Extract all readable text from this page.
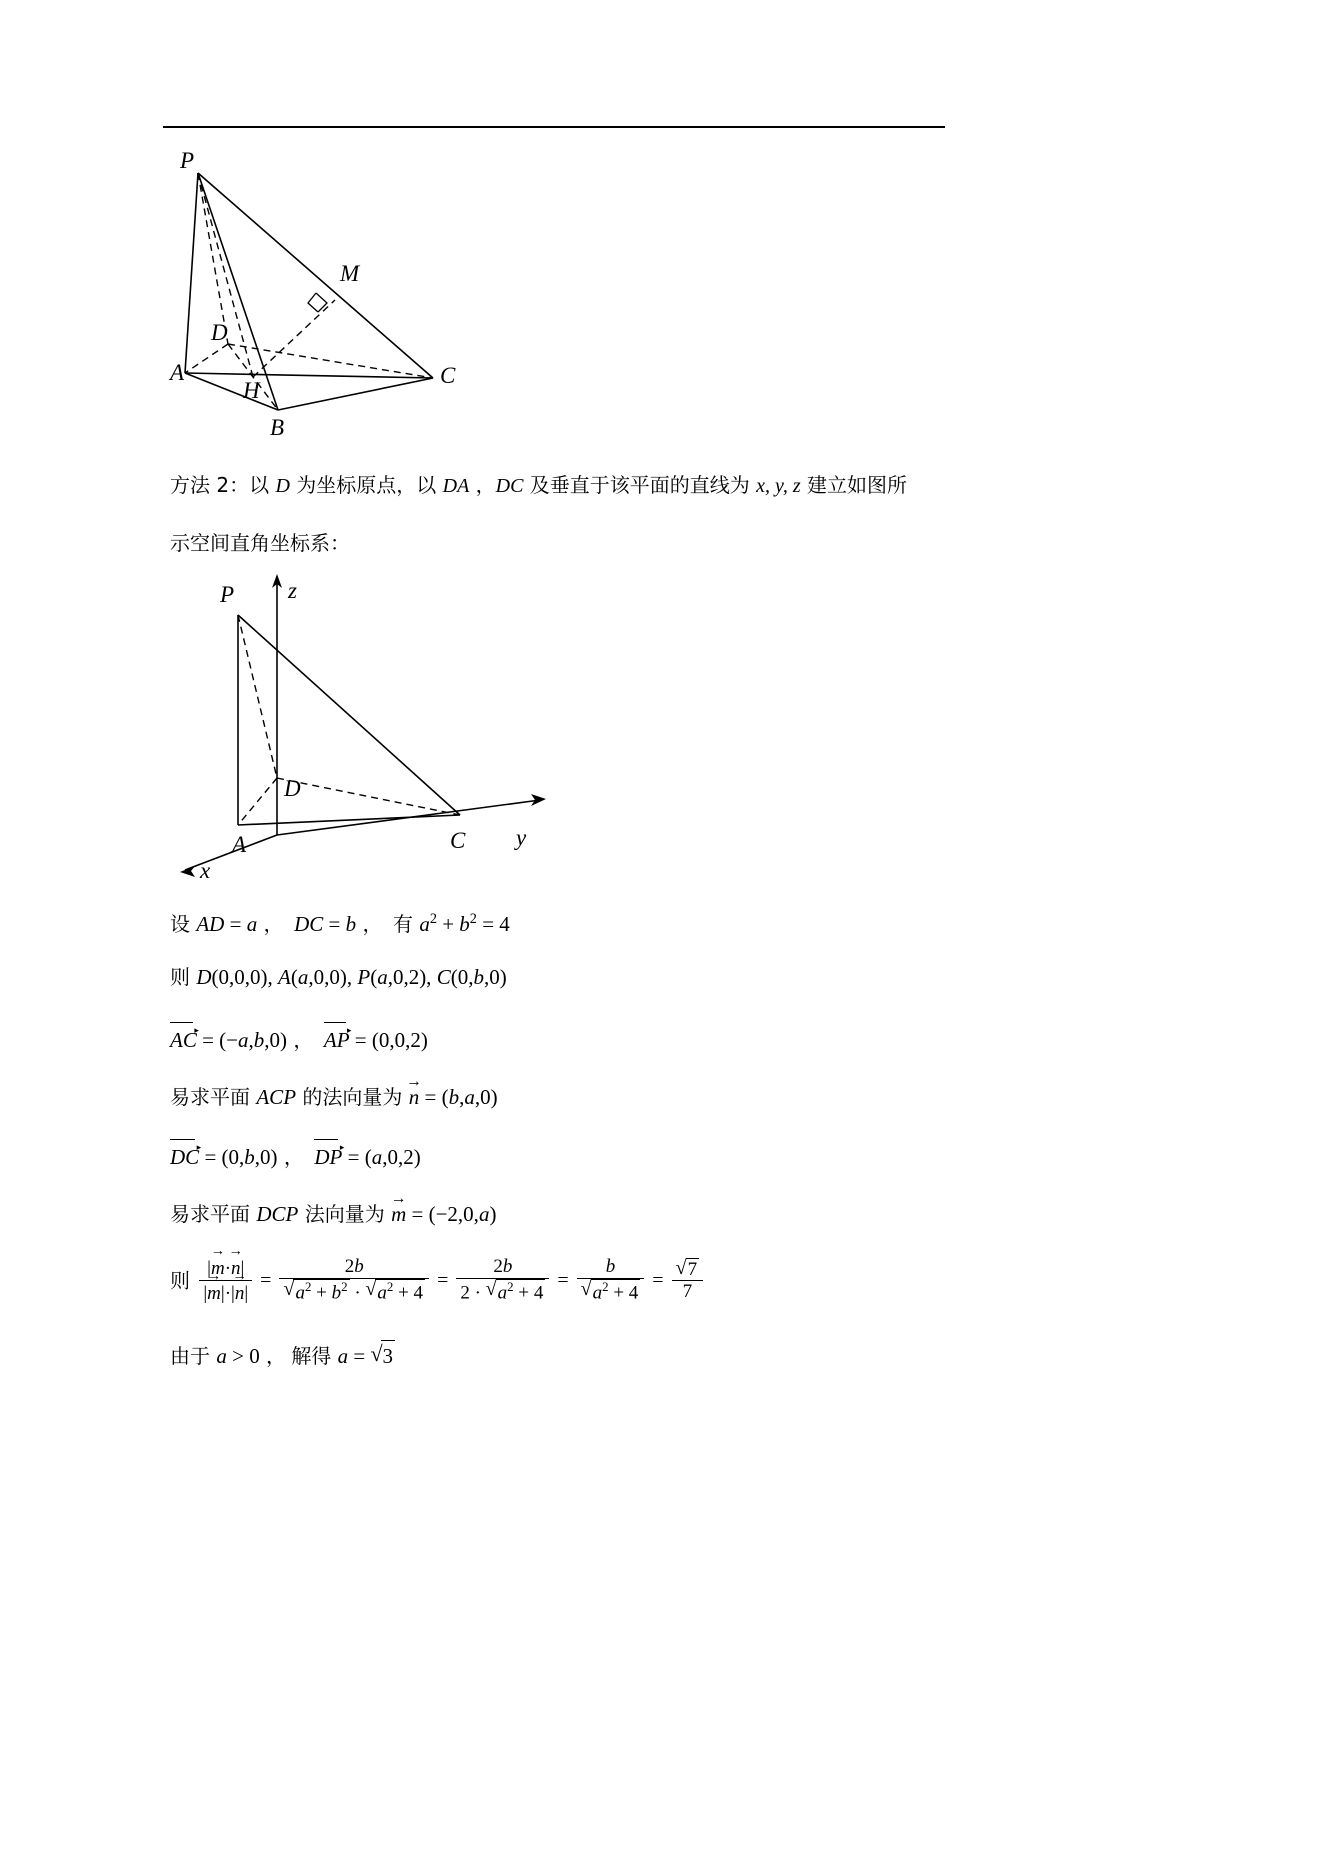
P
M
D
A
H
C
B
方法 2：以 D 为坐标原点，以 DA ，DC 及垂直于该平面的直线为 x, y, z 建立如图所
示空间直角坐标系：
P z
D
A	C y
x
设 AD = a ， DC = b ， 有 $a^2 + b^2 = 4$
则 D(0,0,0), A(a,0,0), P(a,0,2), C(0,b,0)
AC ▸ = (−a,b,0) ， AP ▸ = (0,0,2)
易求平面 ACP 的法向量为 n → = (b,a,0)
DC ▸ = (0,b,0) ， DP ▸ = (a,0,2)
易求平面 DCP 法向量为 m → = (−2,0,a)
则 $\frac{|m \to\cdot n \to|}{|m \to|\cdot|n \to|} = 2b$
√ $a^2 + b^2$ · √ $a^2 + 4 = \frac{2b}{2 \cdot √ a^2 + 4} = b$
√ $a^2 + 4$ = √ $\frac{7}{7}$
由于 a > 0 ， 解得 a = √ 3
